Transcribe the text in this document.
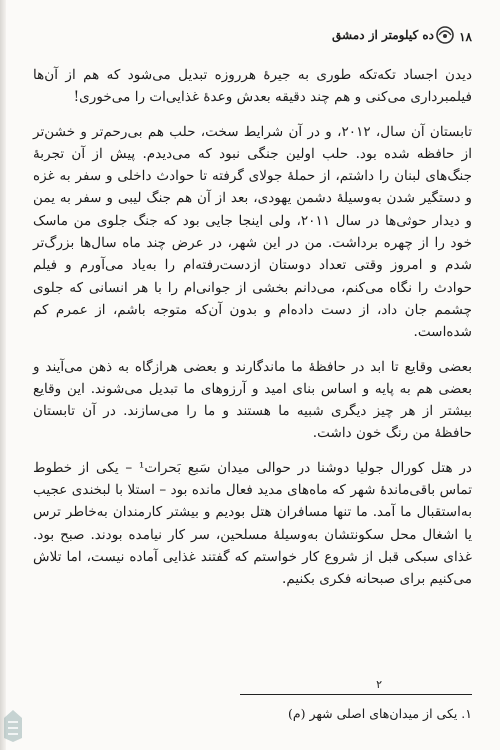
۱۸
ده کیلومتر از دمشق

دیدن اجساد تکه‌تکه طوری به جیرهٔ هرروزه تبدیل می‌شود که هم از آن‌ها فیلمبرداری می‌کنی و هم چند دقیقه بعدش وعدهٔ غذایی‌ات را می‌خوری!

تابستان آن سال، ۲۰۱۲، و در آن شرایط سخت، حلب هم بی‌رحم‌تر و خشن‌تر از حافظه شده بود. حلب اولین جنگی نبود که می‌دیدم. پیش از آن تجربهٔ جنگ‌های لبنان را داشتم، از حملهٔ جولای گرفته تا حوادث داخلی و سفر به غزه و دستگیر شدن به‌وسیلهٔ دشمن یهودی، بعد از آن هم جنگ لیبی و سفر به یمن و دیدار حوثی‌ها در سال ۲۰۱۱، ولی اینجا جایی بود که جنگ جلوی من ماسک خود را از چهره برداشت. من در این شهر، در عرض چند ماه سال‌ها بزرگ‌تر شدم و امروز وقتی تعداد دوستان ازدست‌رفته‌ام را به‌یاد می‌آورم و فیلم حوادث را نگاه می‌کنم، می‌دانم بخشی از جوانی‌ام را با هر انسانی که جلوی چشمم جان داد، از دست داده‌ام و بدون آن‌که متوجه باشم، از عمرم کم شده‌است.

بعضی وقایع تا ابد در حافظهٔ ما ماندگارند و بعضی هرازگاه به ذهن می‌آیند و بعضی هم به پایه و اساس بنای امید و آرزوهای ما تبدیل می‌شوند. این وقایع بیشتر از هر چیز دیگری شبیه ما هستند و ما را می‌سازند. در آن تابستان حافظهٔ من رنگ خون داشت.

در هتل کورال جولیا دوشنا در حوالی میدان سَبع بَحرات¹ – یکی از خطوط تماس باقی‌ماندهٔ شهر که ماه‌های مدید فعال مانده بود – استلا با لبخندی عجیب به‌استقبال ما آمد. ما تنها مسافران هتل بودیم و بیشتر کارمندان به‌خاطر ترس یا اشغال محل سکونتشان به‌وسیلهٔ مسلحین، سر کار نیامده بودند. صبح بود. غذای سبکی قبل از شروع کار خواستم که گفتند غذایی آماده نیست، اما تلاش می‌کنیم برای صبحانه فکری بکنیم.

٢
۱. یکی از میدان‌های اصلی شهر (م)
